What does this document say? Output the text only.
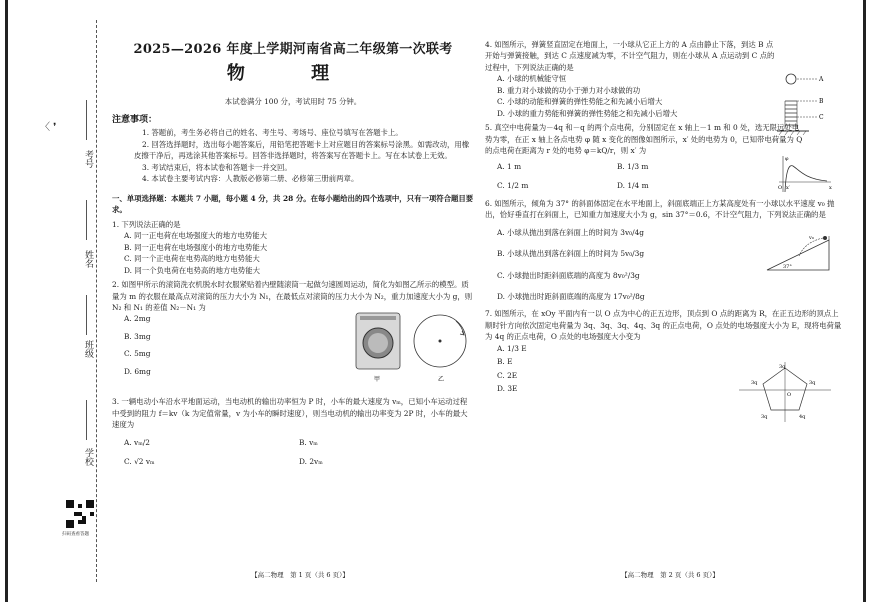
〈 ❜
考号
姓名
班级
学校
扫码查看答题
2025—2026 年度上学期河南省高二年级第一次联考
物 理
本试卷满分 100 分，考试用时 75 分钟。
注意事项：

1. 答题前，考生务必将自己的姓名、考生号、考场号、座位号填写在答题卡上。

2. 回答选择题时，选出每小题答案后，用铅笔把答题卡上对应题目的答案标号涂黑。如需改动，用橡皮擦干净后，再选涂其他答案标号。回答非选择题时，将答案写在答题卡上。写在本试卷上无效。

3. 考试结束后，将本试卷和答题卡一并交回。

4. 本试卷主要考试内容：人教版必修第二册、必修第三册前两章。

一、单项选择题：本题共 7 小题，每小题 4 分，共 28 分。在每小题给出的四个选项中，只有一项符合题目要求。
1. 下列说法正确的是
A. 同一正电荷在电场强度大的地方电势能大
B. 同一正电荷在电场强度小的地方电势能大
C. 同一个正电荷在电势高的地方电势能大
D. 同一个负电荷在电势高的地方电势能大
2. 如图甲所示的滚筒洗衣机脱水时衣服紧贴着内壁随滚筒一起做匀速圆周运动，简化为如图乙所示的模型。质量为 m 的衣服在最高点对滚筒的压力大小为 N₁，在最低点对滚筒的压力大小为 N₂，重力加速度大小为 g，则 N₂ 和 N₁ 的差值 N₂－N₁ 为
A. 2mg
B. 3mg
C. 5mg
D. 6mg
甲	乙
3. 一辆电动小车沿水平地面运动，当电动机的输出功率恒为 P 时，小车的最大速度为 vₘ，已知小车运动过程中受到的阻力 f＝kv（k 为定值常量，v 为小车的瞬时速度），则当电动机的输出功率变为 2P 时，小车的最大速度为
A. vₘ/2	B. vₘ
C. √2 vₘ	D. 2vₘ
【高二物理　第 1 页（共 6 页）】
4. 如图所示，弹簧竖直固定在地面上，一小球从它正上方的 A 点由静止下落，到达 B 点开始与弹簧接触，到达 C 点速度减为零，不计空气阻力，则在小球从 A 点运动到 C 点的过程中，下列说法正确的是
A. 小球的机械能守恒
B. 重力对小球做的功小于弹力对小球做的功
C. 小球的动能和弹簧的弹性势能之和先减小后增大
D. 小球的重力势能和弹簧的弹性势能之和先减小后增大
A
B
C
5. 真空中电荷量为－4q 和－q 的两个点电荷，分别固定在 x 轴上－1 m 和 0 处，选无限远处电势为零，在正 x 轴上各点电势 φ 随 x 变化的图像如图所示，x′ 处的电势为 0，已知带电荷量为 Q 的点电荷在距离为 r 处的电势 φ＝kQ/r，则 x′ 为
A. 1 m	B. 1/3 m
C. 1/2 m	D. 1/4 m
φ
O x′	x
6. 如图所示，倾角为 37° 的斜面体固定在水平地面上，斜面底端正上方某高度处有一小球以水平速度 v₀ 抛出，恰好垂直打在斜面上，已知重力加速度大小为 g，sin 37°＝0.6，不计空气阻力，下列说法正确的是
A. 小球从抛出到落在斜面上的时间为 3v₀/4g
B. 小球从抛出到落在斜面上的时间为 5v₀/3g
C. 小球抛出时距斜面底端的高度为 8v₀²/3g
D. 小球抛出时距斜面底端的高度为 17v₀²/8g
v₀
37°
7. 如图所示，在 xOy 平面内有一以 O 点为中心的正五边形，顶点到 O 点的距离为 R，在正五边形的顶点上顺时针方向依次固定电荷量为 3q、3q、3q、4q、3q 的正点电荷，O 点处的电场强度大小为 E，现将电荷量为 4q 的正点电荷，O 点处的电场强度大小变为
A. 1/3 E
B. E
C. 2E
D. 3E
3q
3q
4q
3q
3q
O
【高二物理　第 2 页（共 6 页）】
